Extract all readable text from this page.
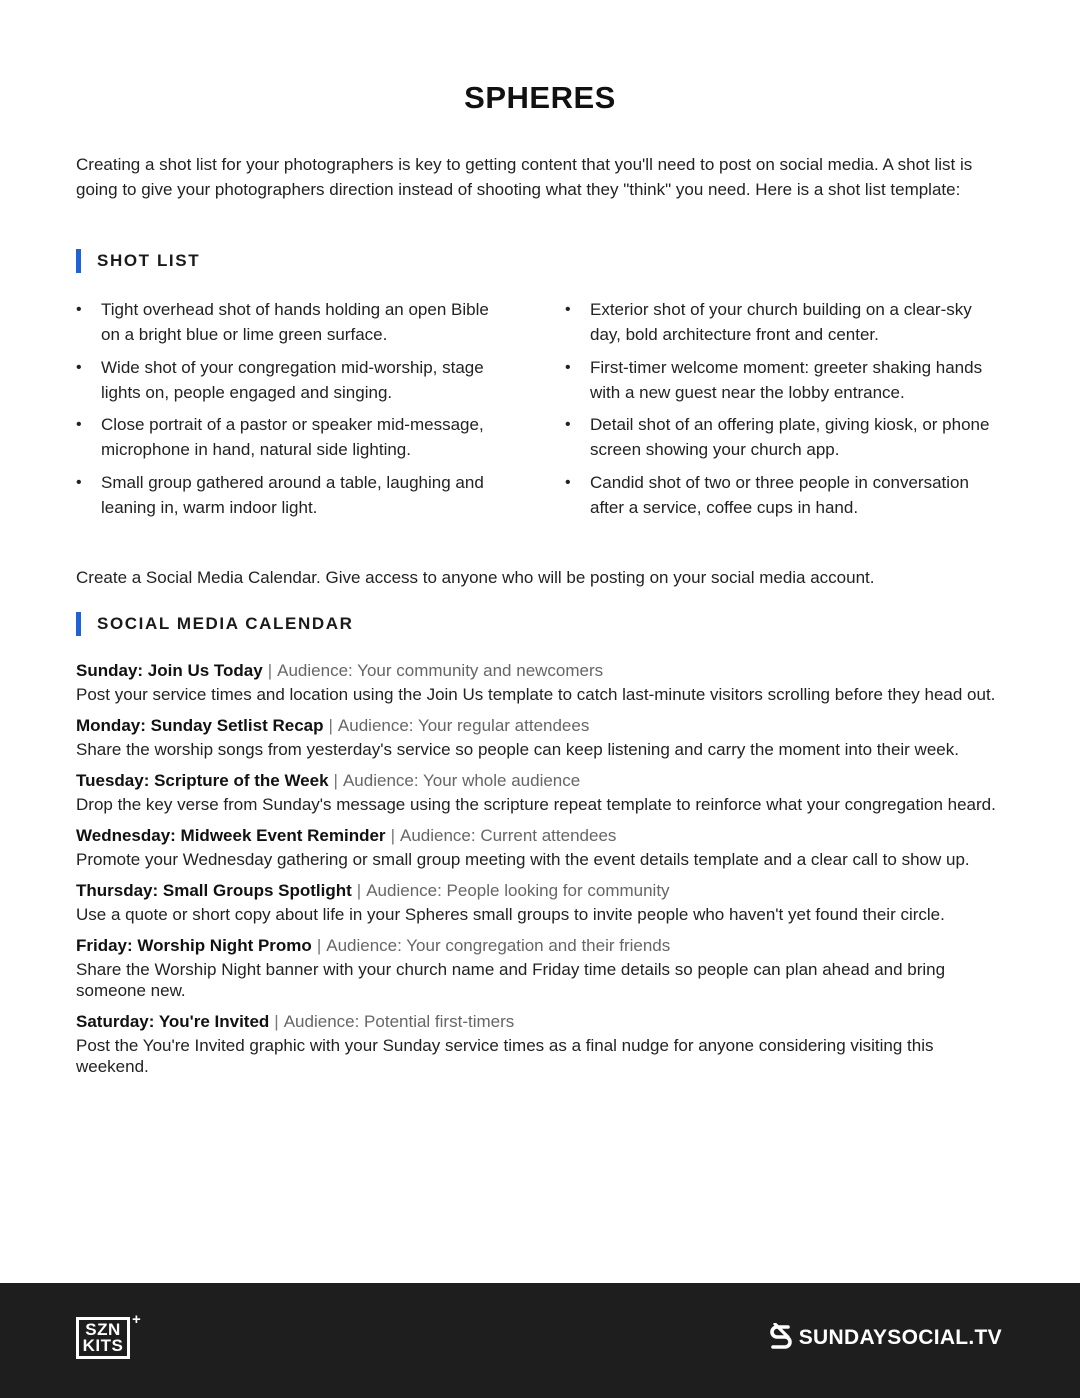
SPHERES
Creating a shot list for your photographers is key to getting content that you'll need to post on social media. A shot list is going to give your photographers direction instead of shooting what they "think" you need. Here is a shot list template:
SHOT LIST
• Tight overhead shot of hands holding an open Bible on a bright blue or lime green surface.
• Wide shot of your congregation mid-worship, stage lights on, people engaged and singing.
• Close portrait of a pastor or speaker mid-message, microphone in hand, natural side lighting.
• Small group gathered around a table, laughing and leaning in, warm indoor light.
• Exterior shot of your church building on a clear-sky day, bold architecture front and center.
• First-timer welcome moment: greeter shaking hands with a new guest near the lobby entrance.
• Detail shot of an offering plate, giving kiosk, or phone screen showing your church app.
• Candid shot of two or three people in conversation after a service, coffee cups in hand.
Create a Social Media Calendar. Give access to anyone who will be posting on your social media account.
SOCIAL MEDIA CALENDAR
Sunday: Join Us Today | Audience: Your community and newcomers
Post your service times and location using the Join Us template to catch last-minute visitors scrolling before they head out.
Monday: Sunday Setlist Recap | Audience: Your regular attendees
Share the worship songs from yesterday's service so people can keep listening and carry the moment into their week.
Tuesday: Scripture of the Week | Audience: Your whole audience
Drop the key verse from Sunday's message using the scripture repeat template to reinforce what your congregation heard.
Wednesday: Midweek Event Reminder | Audience: Current attendees
Promote your Wednesday gathering or small group meeting with the event details template and a clear call to show up.
Thursday: Small Groups Spotlight | Audience: People looking for community
Use a quote or short copy about life in your Spheres small groups to invite people who haven't yet found their circle.
Friday: Worship Night Promo | Audience: Your congregation and their friends
Share the Worship Night banner with your church name and Friday time details so people can plan ahead and bring someone new.
Saturday: You're Invited | Audience: Potential first-timers
Post the You're Invited graphic with your Sunday service times as a final nudge for anyone considering visiting this weekend.
SZN
KITS
+
SUNDAYSOCIAL.TV
